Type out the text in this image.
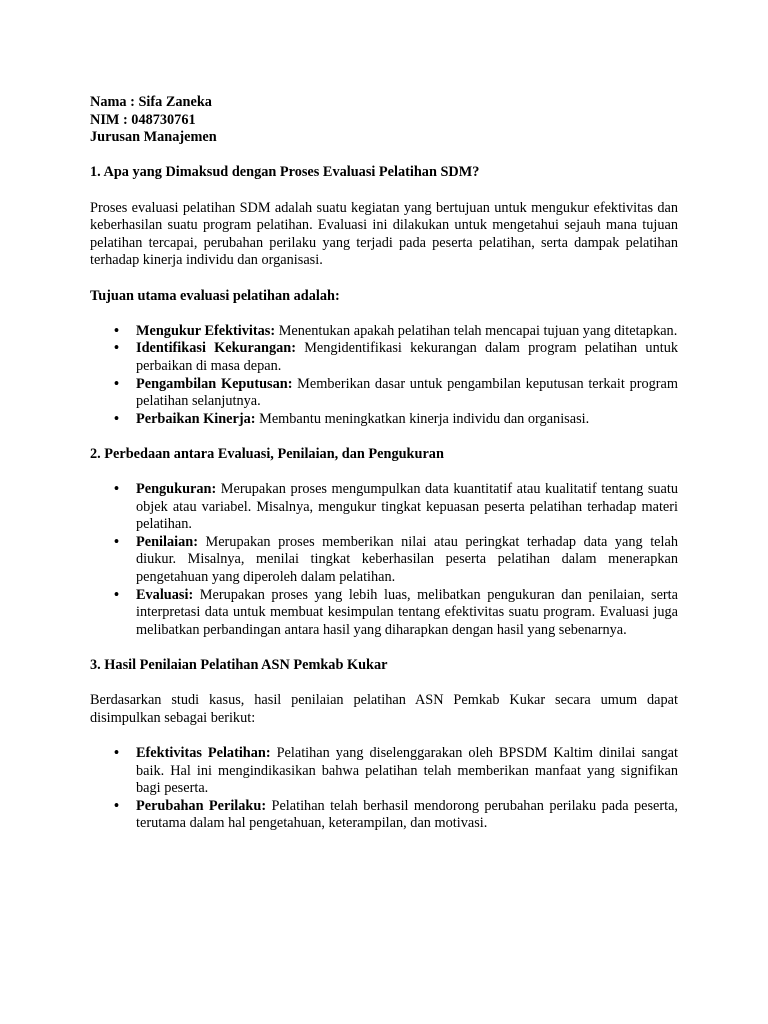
Nama : Sifa Zaneka
NIM : 048730761
Jurusan Manajemen

1. Apa yang Dimaksud dengan Proses Evaluasi Pelatihan SDM?

Proses evaluasi pelatihan SDM adalah suatu kegiatan yang bertujuan untuk mengukur efektivitas dan keberhasilan suatu program pelatihan. Evaluasi ini dilakukan untuk mengetahui sejauh mana tujuan pelatihan tercapai, perubahan perilaku yang terjadi pada peserta pelatihan, serta dampak pelatihan terhadap kinerja individu dan organisasi.

Tujuan utama evaluasi pelatihan adalah:

• Mengukur Efektivitas: Menentukan apakah pelatihan telah mencapai tujuan yang ditetapkan.
• Identifikasi Kekurangan: Mengidentifikasi kekurangan dalam program pelatihan untuk perbaikan di masa depan.
• Pengambilan Keputusan: Memberikan dasar untuk pengambilan keputusan terkait program pelatihan selanjutnya.
• Perbaikan Kinerja: Membantu meningkatkan kinerja individu dan organisasi.

2. Perbedaan antara Evaluasi, Penilaian, dan Pengukuran

• Pengukuran: Merupakan proses mengumpulkan data kuantitatif atau kualitatif tentang suatu objek atau variabel. Misalnya, mengukur tingkat kepuasan peserta pelatihan terhadap materi pelatihan.
• Penilaian: Merupakan proses memberikan nilai atau peringkat terhadap data yang telah diukur. Misalnya, menilai tingkat keberhasilan peserta pelatihan dalam menerapkan pengetahuan yang diperoleh dalam pelatihan.
• Evaluasi: Merupakan proses yang lebih luas, melibatkan pengukuran dan penilaian, serta interpretasi data untuk membuat kesimpulan tentang efektivitas suatu program. Evaluasi juga melibatkan perbandingan antara hasil yang diharapkan dengan hasil yang sebenarnya.

3. Hasil Penilaian Pelatihan ASN Pemkab Kukar

Berdasarkan studi kasus, hasil penilaian pelatihan ASN Pemkab Kukar secara umum dapat disimpulkan sebagai berikut:

• Efektivitas Pelatihan: Pelatihan yang diselenggarakan oleh BPSDM Kaltim dinilai sangat baik. Hal ini mengindikasikan bahwa pelatihan telah memberikan manfaat yang signifikan bagi peserta.
• Perubahan Perilaku: Pelatihan telah berhasil mendorong perubahan perilaku pada peserta, terutama dalam hal pengetahuan, keterampilan, dan motivasi.
